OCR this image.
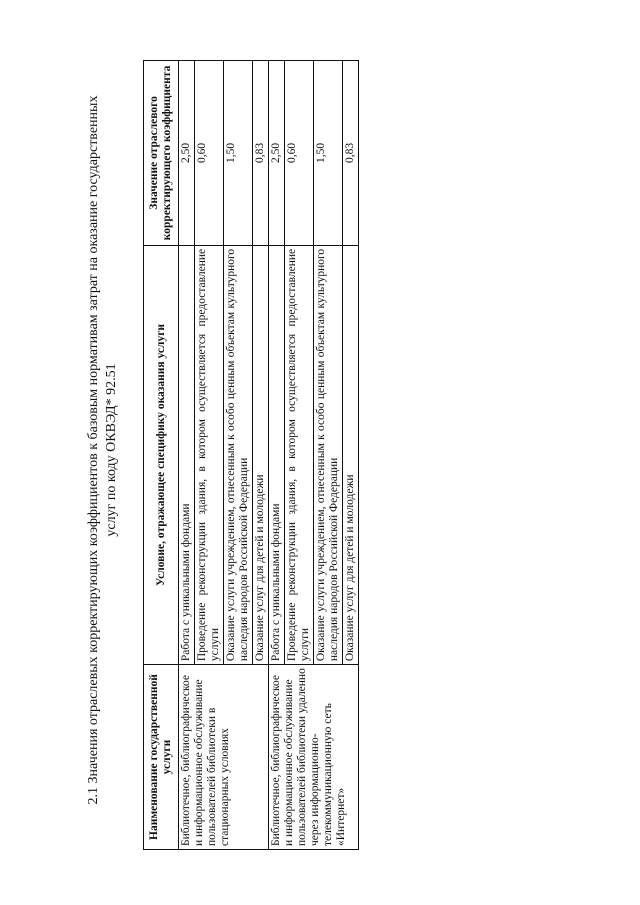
2.1 Значения отраслевых корректирующих коэффициентов к базовым нормативам затрат на оказание государственных услуг по коду ОКВЭД* 92.51
Наименование государственной услуги	Условие, отражающее специфику оказания услуги	Значение отраслевого корректирующего коэффициента
Библиотечное, библиографическое и информационное обслуживание пользователей библиотеки в стационарных условиях	Работа с уникальными фондами	2,50
	Проведение реконструкции здания, в котором осуществляется предоставление услуги	0,60
	Оказание услуги учреждением, отнесенным к особо ценным объектам культурного наследия народов Российской Федерации	1,50
	Оказание услуг для детей и молодежи	0,83
Библиотечное, библиографическое и информационное обслуживание пользователей библиотеки удаленно через информационно-телекоммуникационную сеть «Интернет»	Работа с уникальными фондами	2,50
	Проведение реконструкции здания, в котором осуществляется предоставление услуги	0,60
	Оказание услуги учреждением, отнесенным к особо ценным объектам культурного наследия народов Российской Федерации	1,50
	Оказание услуг для детей и молодежи	0,83
